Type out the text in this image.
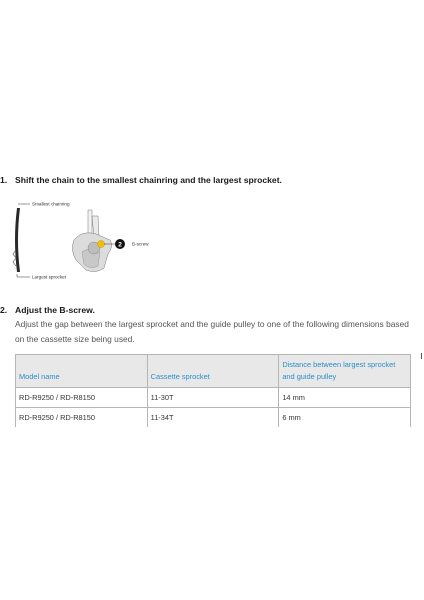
1. Shift the chain to the smallest chainring and the largest sprocket.
Smallest chainring
Largest sprocket
2 B-screw
2. Adjust the B-screw.
Adjust the gap between the largest sprocket and the guide pulley to one of the following dimensions based on the cassette size being used.
Model name	Cassette sprocket	Distance between largest sprocket and guide pulley
RD-R9250 / RD-R8150	11-30T	14 mm
RD-R9250 / RD-R8150	11-34T	6 mm
